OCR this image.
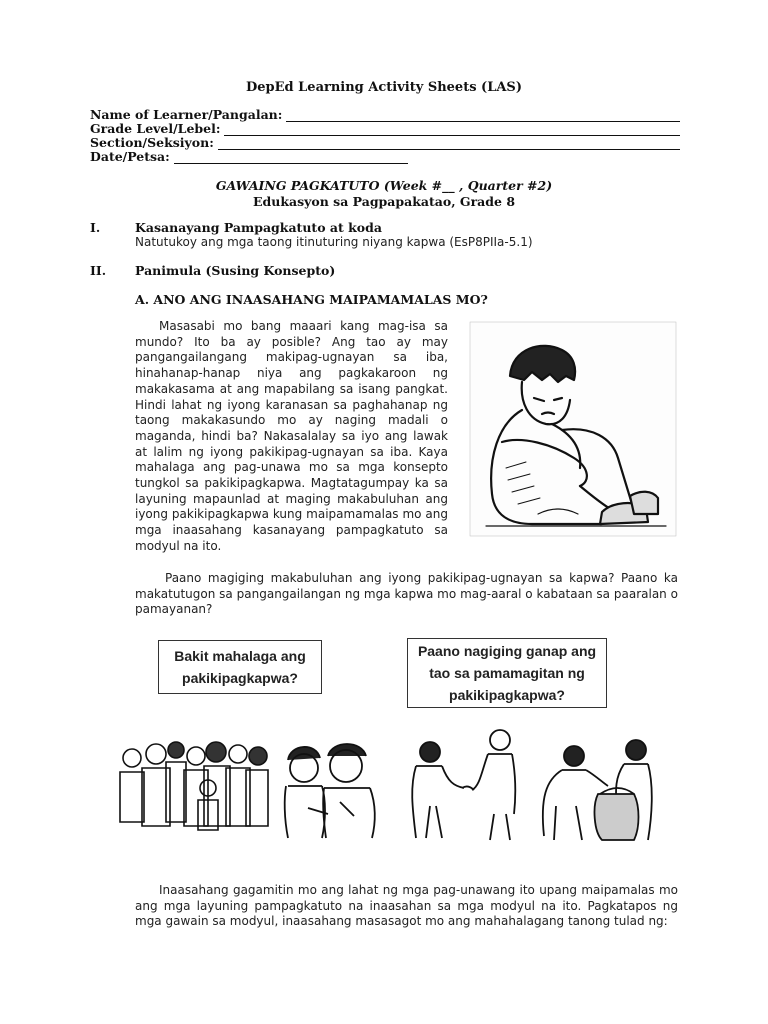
DepEd Learning Activity Sheets (LAS)
Name of Learner/Pangalan:
Grade Level/Lebel:
Section/Seksiyon:
Date/Petsa:
GAWAING PAGKATUTO (Week #__ , Quarter #2)
Edukasyon sa Pagpapakatao, Grade 8
I.	Kasanayang Pampagkatuto at koda
Natutukoy ang mga taong itinuturing niyang kapwa (EsP8PIIa-5.1)
II. Panimula (Susing Konsepto)
A. ANO ANG INAASAHANG MAIPAMAMALAS MO?
Masasabi mo bang maaari kang mag-isa sa mundo? Ito ba ay posible? Ang tao ay may pangangailangang makipag-ugnayan sa iba, hinahanap-hanap niya ang pagkakaroon ng makakasama at ang mapabilang sa isang pangkat. Hindi lahat ng iyong karanasan sa paghahanap ng taong makakasundo mo ay naging madali o maganda, hindi ba? Nakasalalay sa iyo ang lawak at lalim ng iyong pakikipag-ugnayan sa iba. Kaya mahalaga ang pag-unawa mo sa mga konsepto tungkol sa pakikipagkapwa. Magtatagumpay ka sa layuning mapaunlad at maging makabuluhan ang iyong pakikipagkapwa kung maipamamalas mo ang mga inaasahang kasanayang pampagkatuto sa modyul na ito.
Paano magiging makabuluhan ang iyong pakikipag-ugnayan sa kapwa? Paano ka makatutugon sa pangangailangan ng mga kapwa mo mag-aaral o kabataan sa paaralan o pamayanan?
Bakit mahalaga ang pakikipagkapwa?
Paano nagiging ganap ang tao sa pamamagitan ng pakikipagkapwa?
Inaasahang gagamitin mo ang lahat ng mga pag-unawang ito upang maipamalas mo ang mga layuning pampagkatuto na inaasahan sa mga modyul na ito. Pagkatapos ng mga gawain sa modyul, inaasahang masasagot mo ang mahahalagang tanong tulad ng:
